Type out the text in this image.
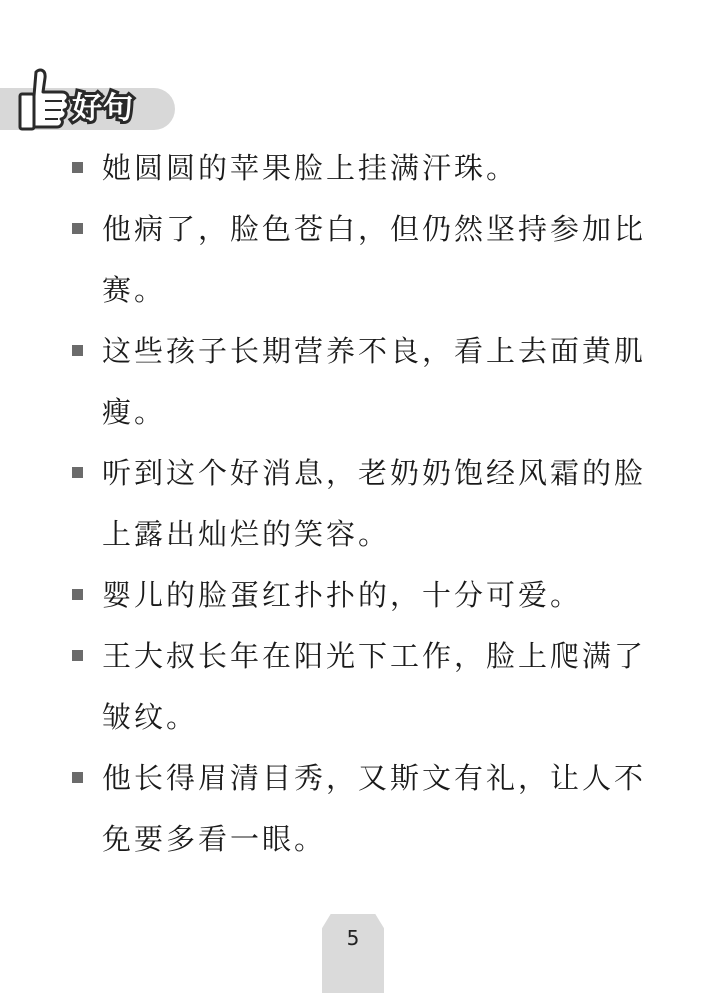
好句
她圆圆的苹果脸上挂满汗珠。
他病了，脸色苍白，但仍然坚持参加比赛。
这些孩子长期营养不良，看上去面黄肌瘦。
听到这个好消息，老奶奶饱经风霜的脸上露出灿烂的笑容。
婴儿的脸蛋红扑扑的，十分可爱。
王大叔长年在阳光下工作，脸上爬满了皱纹。
他长得眉清目秀，又斯文有礼，让人不免要多看一眼。
5
